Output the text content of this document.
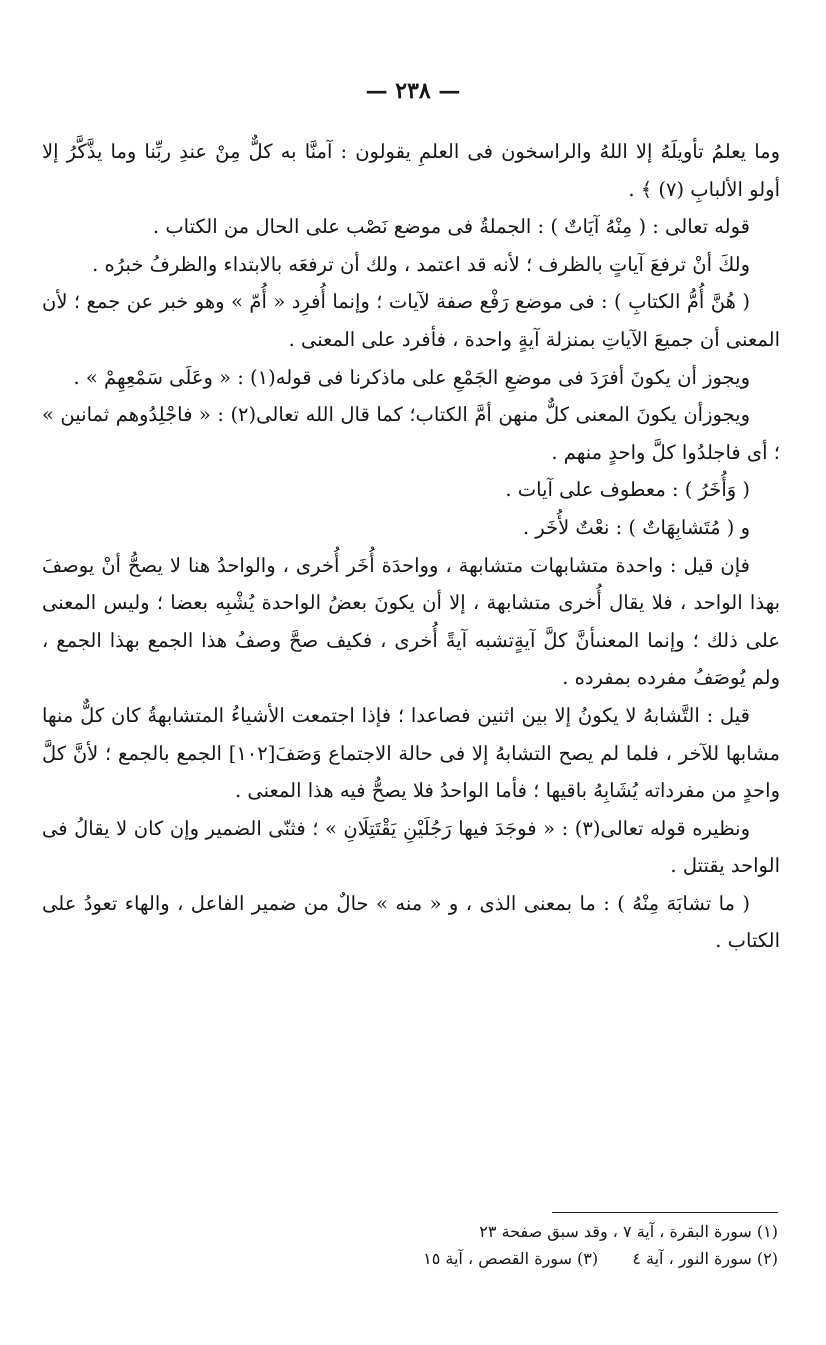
— ٢٣٨ —

وما يعلمُ تأويلَهُ إلا اللهُ والراسخون فى العلمِ يقولون : آمنَّا به كلٌّ مِنْ عندِ ربِّنا وما يذَّكَّرُ إلا أولو الألبابِ (٧) ﴾ .

قوله تعالى : ( مِنْهُ آيَاتٌ ) : الجملةُ فى موضع نَصْب على الحال من الكتاب .

ولكَ أنْ ترفعَ آياتٍ بالظرف ؛ لأنه قد اعتمد ، ولك أن ترفعَه بالابتداء والظرفُ خبرُه .

( هُنَّ أُمُّ الكتابِ ) : فى موضع رَفْع صفة لآيات ؛ وإنما أُفرِد « أُمّ » وهو خبر عن جمع ؛ لأن المعنى أن جميعَ الآياتِ بمنزلة آيةٍ واحدة ، فأفرد على المعنى .

ويجوز أن يكونَ أفرَدَ فى موضعِ الجَمْعِ على ماذكرنا فى قوله(١) : « وعَلَى سَمْعِهِمْ » .

ويجوزأن يكونَ المعنى كلٌّ منهن أمَّ الكتاب؛ كما قال الله تعالى(٢) : « فاجْلِدُوهم ثمانين » ؛ أى فاجلدُوا كلَّ واحدٍ منهم .

( وَأُخَرُ ) : معطوف على آيات .

و ( مُتَشابِهَاتٌ ) : نعْتٌ لأُخَر .

فإن قيل : واحدة متشابهات متشابهة ، وواحدَة أُخَر أُخرى ، والواحدُ هنا لا يصحُّ أنْ يوصفَ بهذا الواحد ، فلا يقال أُخرى متشابهة ، إلا أن يكونَ بعضُ الواحدة يُشْبِه بعضا ؛ وليس المعنى على ذلك ؛ وإنما المعنىأنَّ كلَّ آيةٍتشبه آيةً أُخرى ، فكيف صحَّ وصفُ هذا الجمع بهذا الجمع ، ولم يُوصَفُ مفرده بمفرده .

قيل : التَّشابهُ لا يكونُ إلا بين اثنين فصاعدا ؛ فإذا اجتمعت الأشياءُ المتشابهةُ كان كلٌّ منها مشابها للآخر ، فلما لم يصح التشابهُ إلا فى حالة الاجتماع وَصَفَ[١٠٢] الجمع بالجمع ؛ لأنَّ كلَّ واحدٍ من مفرداته يُشَابِهُ باقيها ؛ فأما الواحدُ فلا يصحُّ فيه هذا المعنى .

ونظيره قوله تعالى(٣) : « فوجَدَ فيها رَجُلَيْنِ يَقْتَتِلَانِ » ؛ فثنّى الضمير وإن كان لا يقالُ فى الواحد يقتتل .

( ما تشابَهَ مِنْهُ ) : ما بمعنى الذى ، و « منه » حالٌ من ضمير الفاعل ، والهاء تعودُ على الكتاب .

(١) سورة البقرة ، آية ٧ ، وقد سبق صفحة ٢٣

(٢) سورة النور ، آية ٤  (٣) سورة القصص ، آية ١٥
